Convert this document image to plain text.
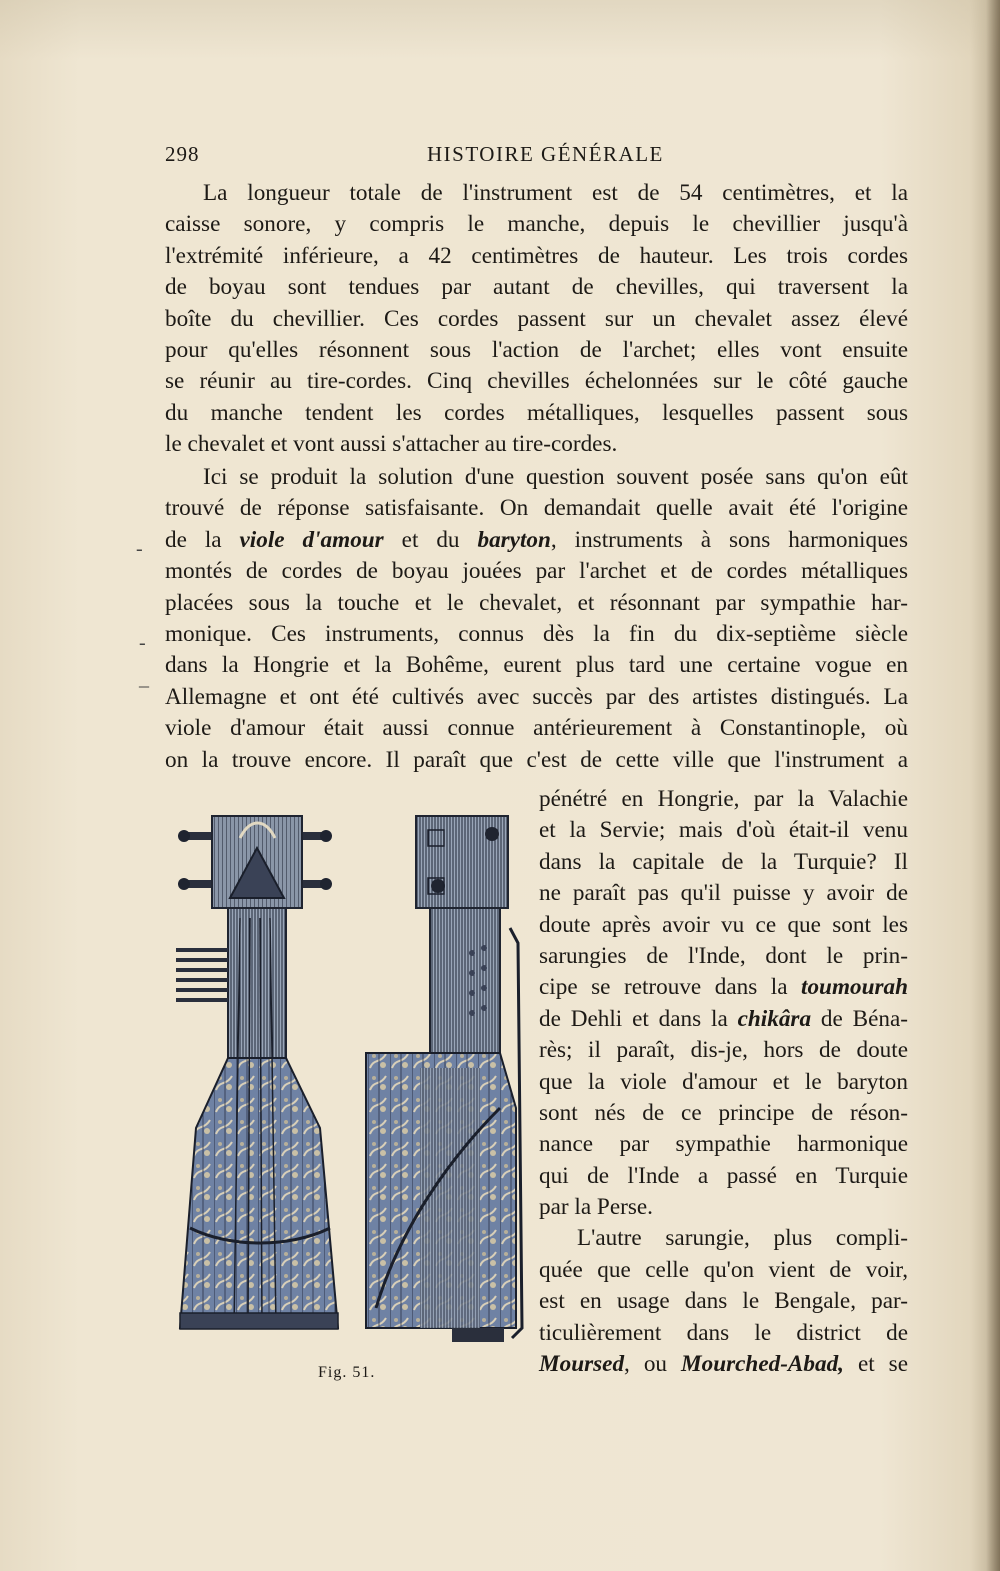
298	HISTOIRE GÉNÉRALE
La longueur totale de l'instrument est de 54 centimètres, et la
caisse sonore, y compris le manche, depuis le chevillier jusqu'à
l'extrémité inférieure, a 42 centimètres de hauteur. Les trois cordes
de boyau sont tendues par autant de chevilles, qui traversent la
boîte du chevillier. Ces cordes passent sur un chevalet assez élevé
pour qu'elles résonnent sous l'action de l'archet; elles vont ensuite
se réunir au tire-cordes. Cinq chevilles échelonnées sur le côté gauche
du manche tendent les cordes métalliques, lesquelles passent sous
le chevalet et vont aussi s'attacher au tire-cordes.
Ici se produit la solution d'une question souvent posée sans qu'on eût
trouvé de réponse satisfaisante. On demandait quelle avait été l'origine
de la viole d'amour et du baryton, instruments à sons harmoniques
montés de cordes de boyau jouées par l'archet et de cordes métalliques
placées sous la touche et le chevalet, et résonnant par sympathie har-
monique. Ces instruments, connus dès la fin du dix-septième siècle
dans la Hongrie et la Bohême, eurent plus tard une certaine vogue en
Allemagne et ont été cultivés avec succès par des artistes distingués. La
viole d'amour était aussi connue antérieurement à Constantinople, où
on la trouve encore. Il paraît que c'est de cette ville que l'instrument a
pénétré en Hongrie, par la Valachie
et la Servie; mais d'où était-il venu
dans la capitale de la Turquie? Il
ne paraît pas qu'il puisse y avoir de
doute après avoir vu ce que sont les
sarungies de l'Inde, dont le prin-
cipe se retrouve dans la toumourah
de Dehli et dans la chikâra de Béna-
rès; il paraît, dis-je, hors de doute
que la viole d'amour et le baryton
sont nés de ce principe de réson-
nance par sympathie harmonique
qui de l'Inde a passé en Turquie
par la Perse.
L'autre sarungie, plus compli-
quée que celle qu'on vient de voir,
est en usage dans le Bengale, par-
ticulièrement dans le district de
Moursed, ou Mourched-Abad, et se
Fig. 51.
-
-
_
